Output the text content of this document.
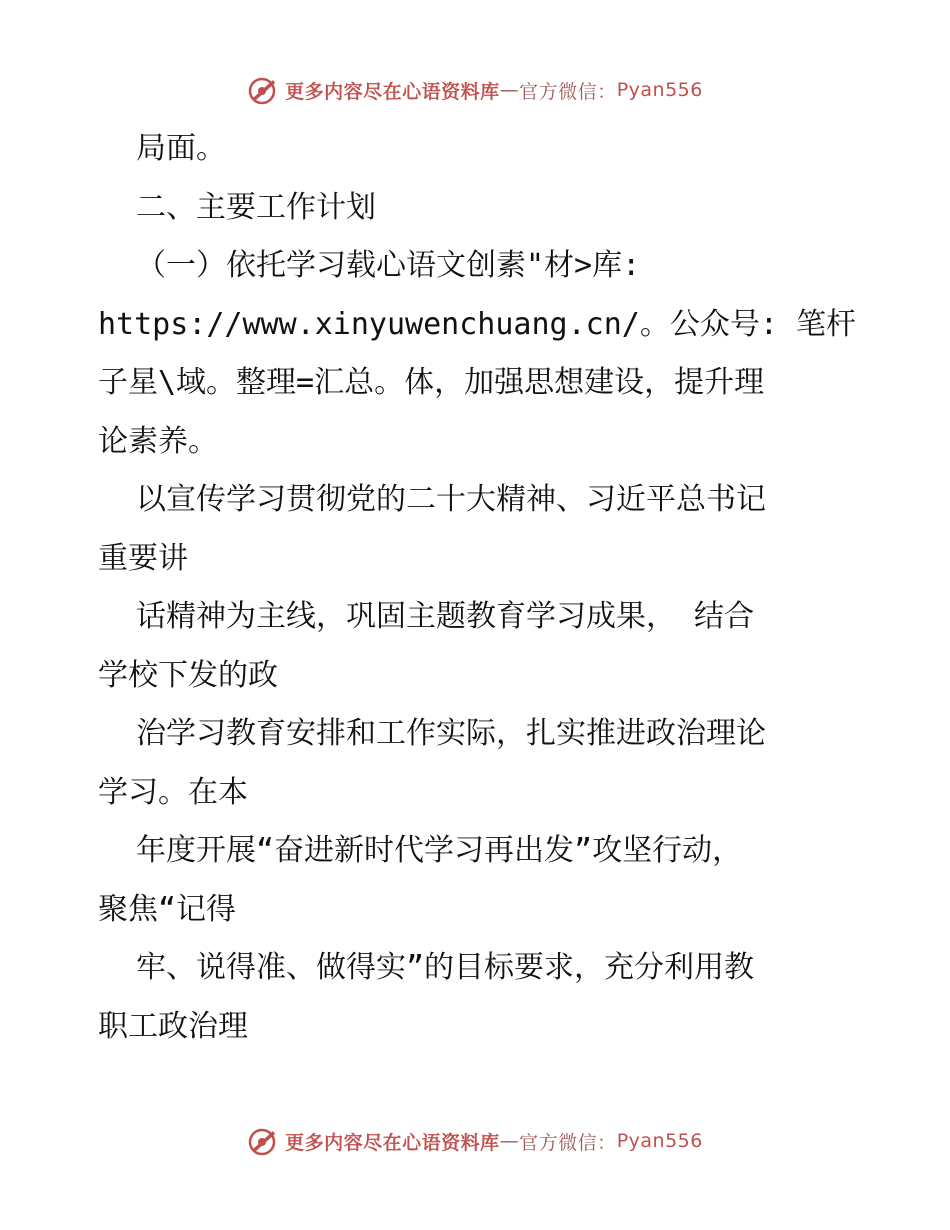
更多内容尽在心语资料库 — 官方微信： Pyan556
局面。
二、主要工作计划
（一）依托学习载心语文创素"材>库:
https://www.xinyuwenchuang.cn/。公众号: 笔杆
子星\域。整理=汇总。体，加强思想建设，提升理
论素养。
以宣传学习贯彻党的二十大精神、习近平总书记
重要讲
话精神为主线，巩固主题教育学习成果， 结合
学校下发的政
治学习教育安排和工作实际，扎实推进政治理论
学习。在本
年度开展“奋进新时代学习再出发”攻坚行动，
聚焦“记得
牢、说得准、做得实”的目标要求，充分利用教
职工政治理
更多内容尽在心语资料库 — 官方微信： Pyan556
